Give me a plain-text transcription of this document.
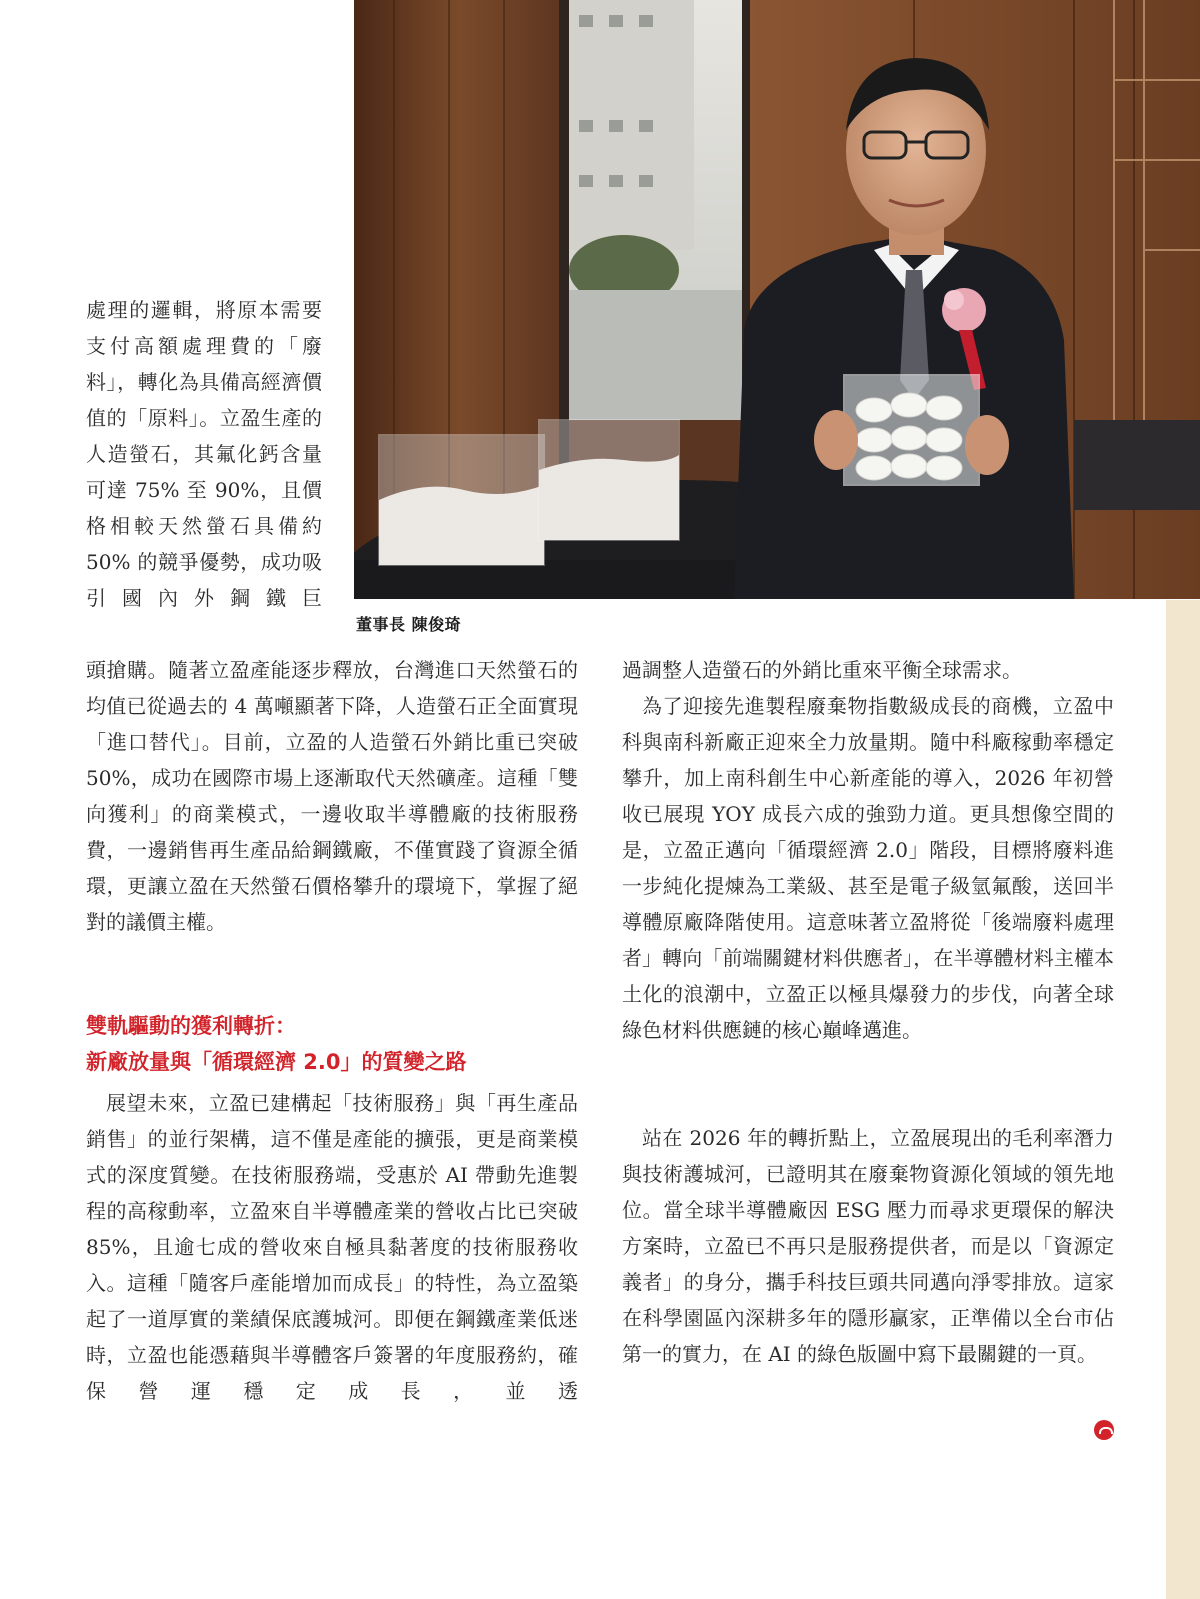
董事長 陳俊琦

處理的邏輯，將原本需要支付高額處理費的「廢料」，轉化為具備高經濟價值的「原料」。立盈生產的人造螢石，其氟化鈣含量可達 75% 至 90%，且價格相較天然螢石具備約 50% 的競爭優勢，成功吸引國內外鋼鐵巨

頭搶購。隨著立盈產能逐步釋放，台灣進口天然螢石的均值已從過去的 4 萬噸顯著下降，人造螢石正全面實現「進口替代」。目前，立盈的人造螢石外銷比重已突破 50%，成功在國際市場上逐漸取代天然礦產。這種「雙向獲利」的商業模式，一邊收取半導體廠的技術服務費，一邊銷售再生產品給鋼鐵廠，不僅實踐了資源全循環，更讓立盈在天然螢石價格攀升的環境下，掌握了絕對的議價主權。

雙軌驅動的獲利轉折：
新廠放量與「循環經濟 2.0」的質變之路

展望未來，立盈已建構起「技術服務」與「再生產品銷售」的並行架構，這不僅是產能的擴張，更是商業模式的深度質變。在技術服務端，受惠於 AI 帶動先進製程的高稼動率，立盈來自半導體產業的營收占比已突破 85%，且逾七成的營收來自極具黏著度的技術服務收入。這種「隨客戶產能增加而成長」的特性，為立盈築起了一道厚實的業績保底護城河。即便在鋼鐵產業低迷時，立盈也能憑藉與半導體客戶簽署的年度服務約，確保營運穩定成長，並透

過調整人造螢石的外銷比重來平衡全球需求。

為了迎接先進製程廢棄物指數級成長的商機，立盈中科與南科新廠正迎來全力放量期。隨中科廠稼動率穩定攀升，加上南科創生中心新產能的導入，2026 年初營收已展現 YOY 成長六成的強勁力道。更具想像空間的是，立盈正邁向「循環經濟 2.0」階段，目標將廢料進一步純化提煉為工業級、甚至是電子級氫氟酸，送回半導體原廠降階使用。這意味著立盈將從「後端廢料處理者」轉向「前端關鍵材料供應者」，在半導體材料主權本土化的浪潮中，立盈正以極具爆發力的步伐，向著全球綠色材料供應鏈的核心巔峰邁進。

站在 2026 年的轉折點上，立盈展現出的毛利率潛力與技術護城河，已證明其在廢棄物資源化領域的領先地位。當全球半導體廠因 ESG 壓力而尋求更環保的解決方案時，立盈已不再只是服務提供者，而是以「資源定義者」的身分，攜手科技巨頭共同邁向淨零排放。這家在科學園區內深耕多年的隱形贏家，正準備以全台市佔第一的實力，在 AI 的綠色版圖中寫下最關鍵的一頁。
